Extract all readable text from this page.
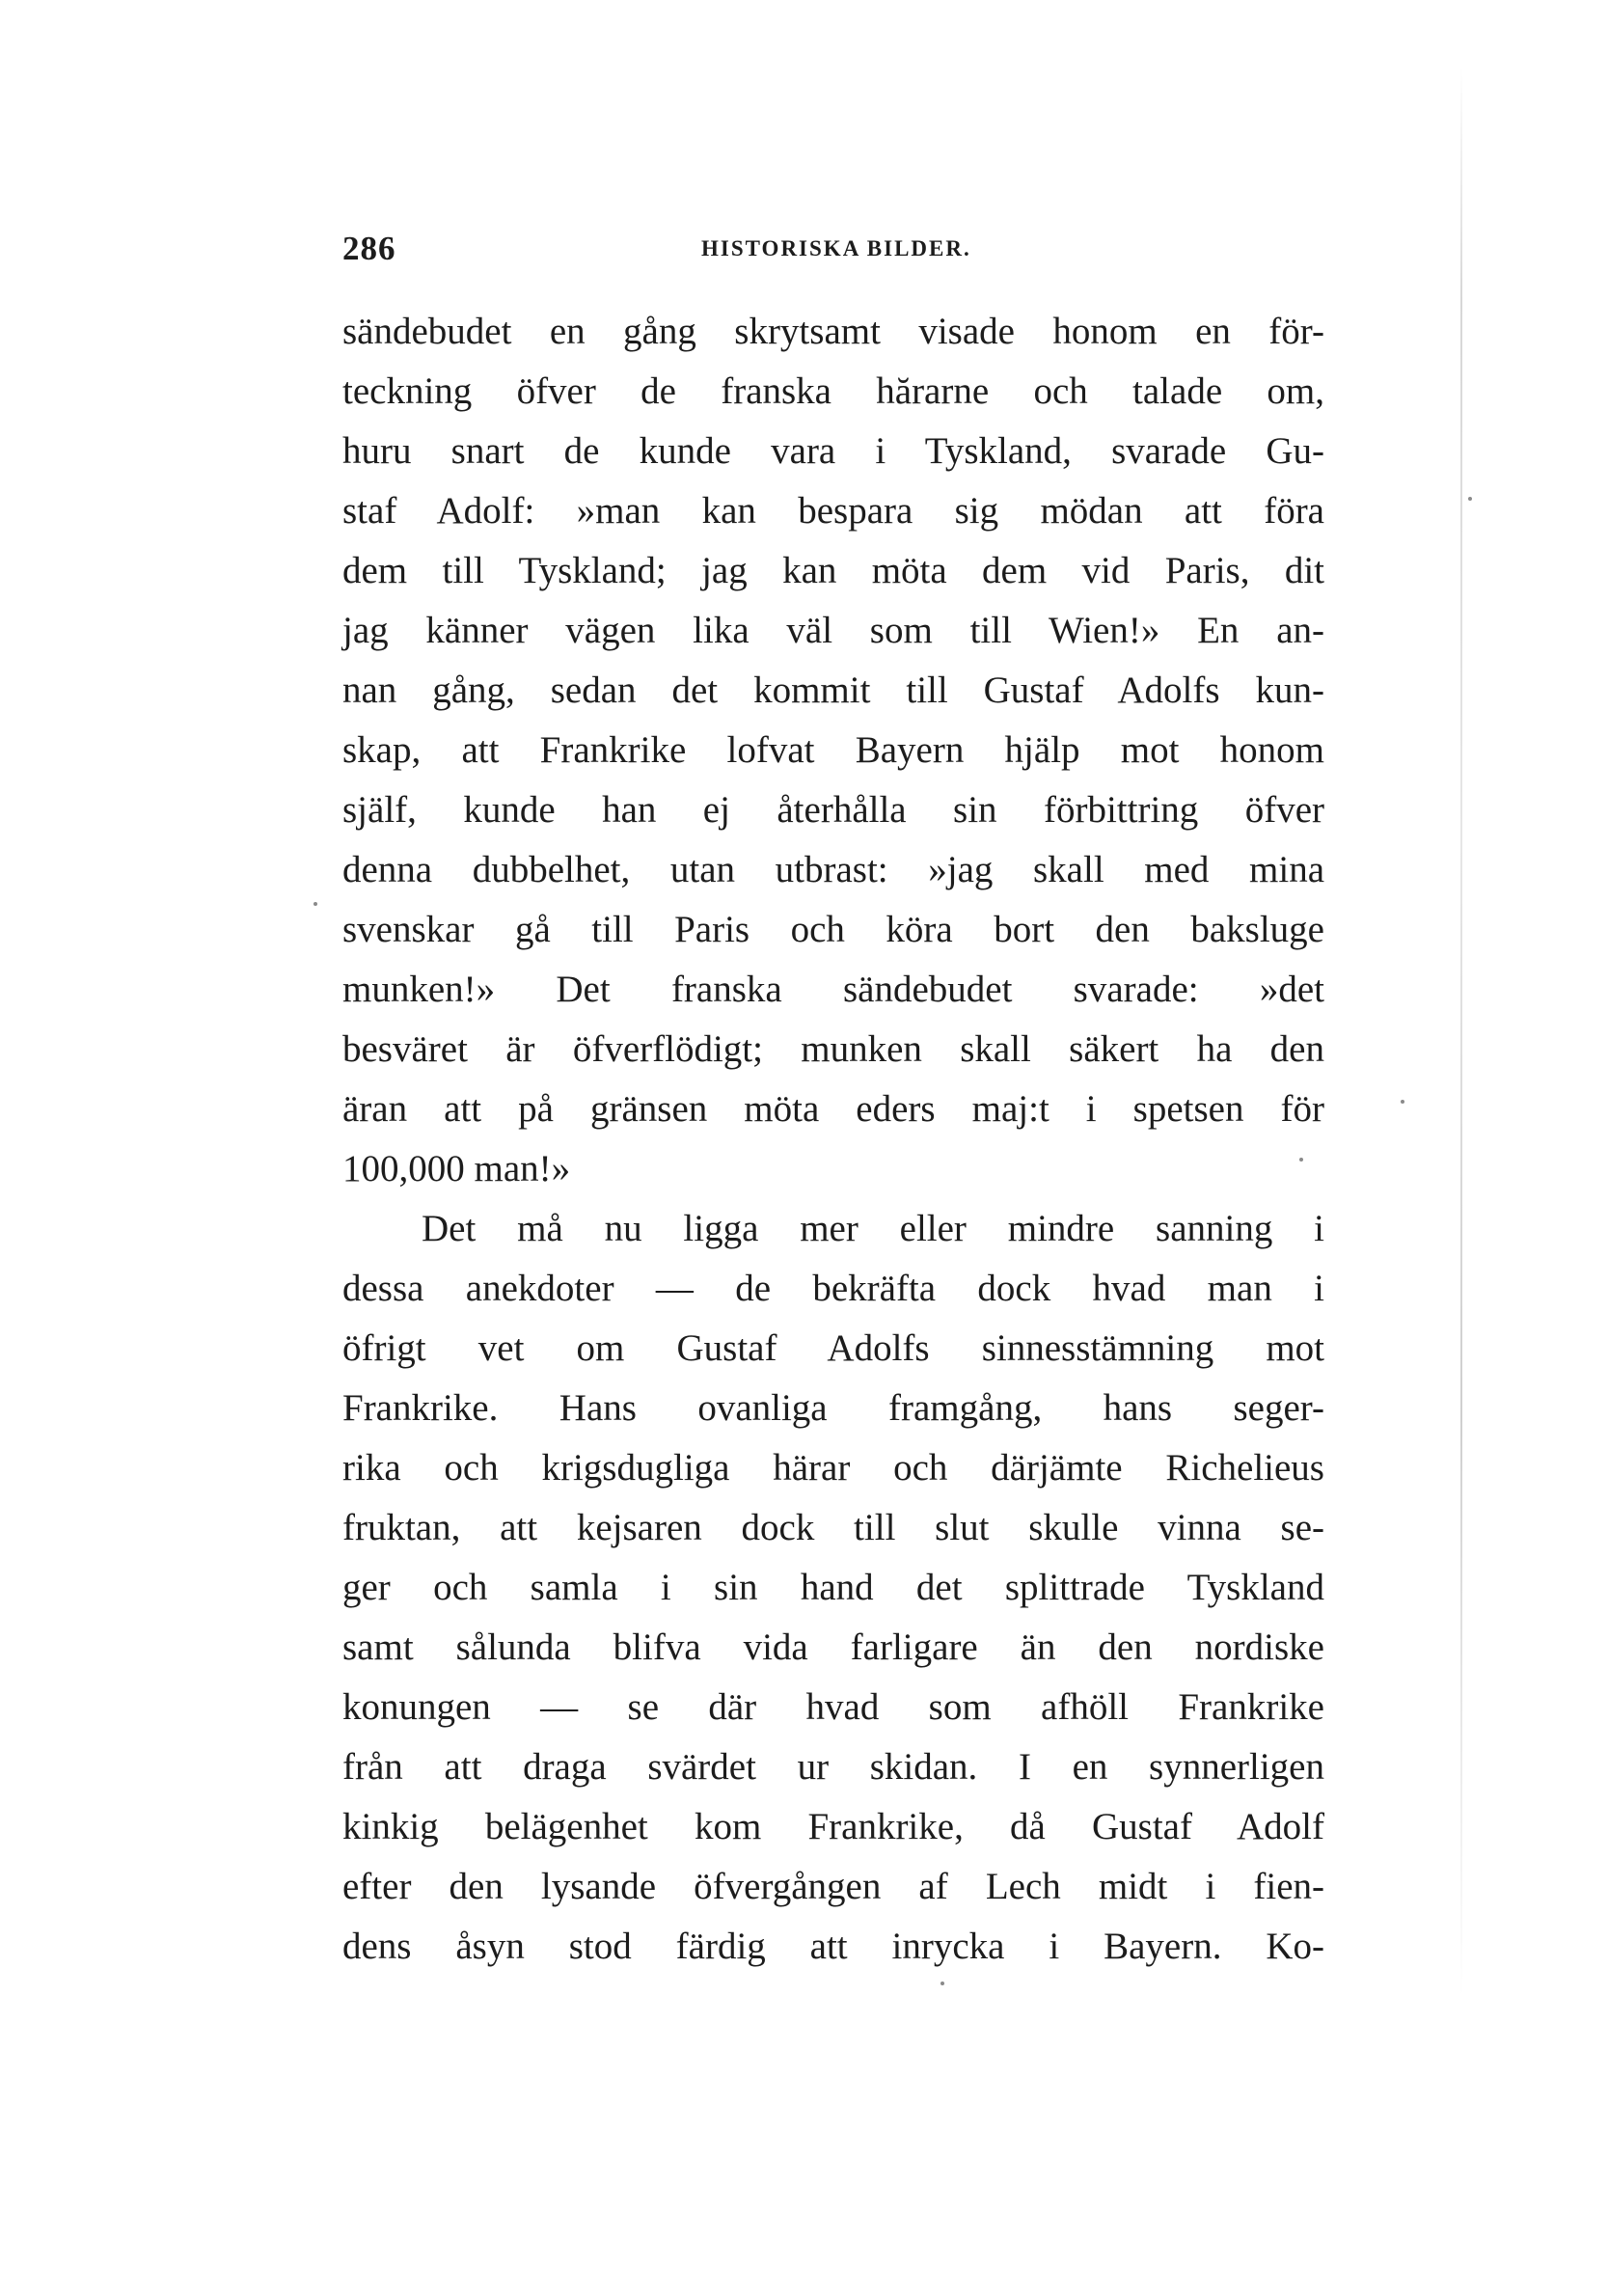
286	HISTORISKA BILDER.
sändebudet en gång skrytsamt visade honom en för-
teckning öfver de franska hărarne och talade om,
huru snart de kunde vara i Tyskland, svarade Gu-
staf Adolf: »man kan bespara sig mödan att föra
dem till Tyskland; jag kan möta dem vid Paris, dit
jag känner vägen lika väl som till Wien!» En an-
nan gång, sedan det kommit till Gustaf Adolfs kun-
skap, att Frankrike lofvat Bayern hjälp mot honom
själf, kunde han ej återhålla sin förbittring öfver
denna dubbelhet, utan utbrast: »jag skall med mina
svenskar gå till Paris och köra bort den baksluge
munken!» Det franska sändebudet svarade: »det
besväret är öfverflödigt; munken skall säkert ha den
äran att på gränsen möta eders maj:t i spetsen för
100,000 man!»
Det må nu ligga mer eller mindre sanning i
dessa anekdoter — de bekräfta dock hvad man i
öfrigt vet om Gustaf Adolfs sinnesstämning mot
Frankrike. Hans ovanliga framgång, hans seger-
rika och krigsdugliga härar och därjämte Richelieus
fruktan, att kejsaren dock till slut skulle vinna se-
ger och samla i sin hand det splittrade Tyskland
samt sålunda blifva vida farligare än den nordiske
konungen — se där hvad som afhöll Frankrike
från att draga svärdet ur skidan. I en synnerligen
kinkig belägenhet kom Frankrike, då Gustaf Adolf
efter den lysande öfvergången af Lech midt i fien-
dens åsyn stod färdig att inrycka i Bayern. Ko-
